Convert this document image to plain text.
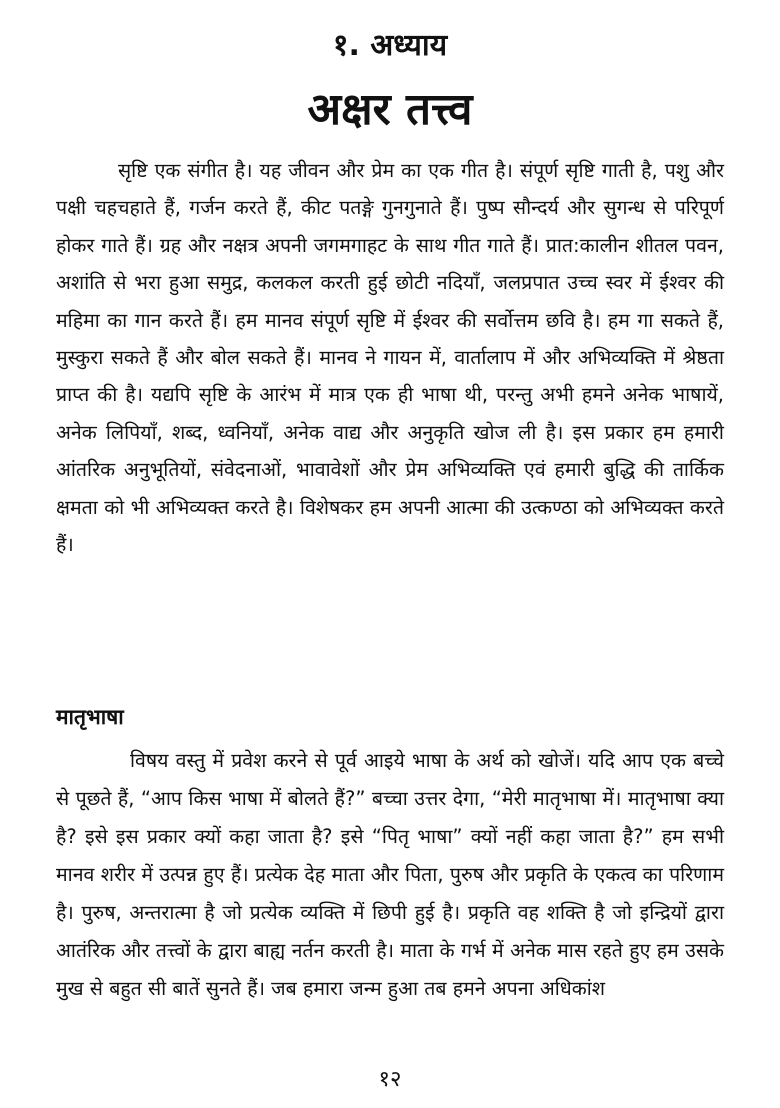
१. अध्याय
अक्षर तत्त्व

सृष्टि एक संगीत है। यह जीवन और प्रेम का एक गीत है। संपूर्ण सृष्टि गाती है, पशु और पक्षी चहचहाते हैं, गर्जन करते हैं, कीट पतङ्गे गुनगुनाते हैं। पुष्प सौन्दर्य और सुगन्ध से परिपूर्ण होकर गाते हैं। ग्रह और नक्षत्र अपनी जगमगाहट के साथ गीत गाते हैं। प्रात:कालीन शीतल पवन, अशांति से भरा हुआ समुद्र, कलकल करती हुई छोटी नदियाँ, जलप्रपात उच्च स्वर में ईश्वर की महिमा का गान करते हैं। हम मानव संपूर्ण सृष्टि में ईश्वर की सर्वोत्तम छवि है। हम गा सकते हैं, मुस्कुरा सकते हैं और बोल सकते हैं। मानव ने गायन में, वार्तालाप में और अभिव्यक्ति में श्रेष्ठता प्राप्त की है। यद्यपि सृष्टि के आरंभ में मात्र एक ही भाषा थी, परन्तु अभी हमने अनेक भाषायें, अनेक लिपियाँ, शब्द, ध्वनियाँ, अनेक वाद्य और अनुकृति खोज ली है। इस प्रकार हम हमारी आंतरिक अनुभूतियों, संवेदनाओं, भावावेशों और प्रेम अभिव्यक्ति एवं हमारी बुद्धि की तार्किक क्षमता को भी अभिव्यक्त करते है। विशेषकर हम अपनी आत्मा की उत्कण्ठा को अभिव्यक्त करते हैं।

मातृभाषा

विषय वस्तु में प्रवेश करने से पूर्व आइये भाषा के अर्थ को खोजें। यदि आप एक बच्चे से पूछते हैं, “आप किस भाषा में बोलते हैं?” बच्चा उत्तर देगा, “मेरी मातृभाषा में। मातृभाषा क्या है? इसे इस प्रकार क्यों कहा जाता है? इसे “पितृ भाषा” क्यों नहीं कहा जाता है?” हम सभी मानव शरीर में उत्पन्न हुए हैं। प्रत्येक देह माता और पिता, पुरुष और प्रकृति के एकत्व का परिणाम है। पुरुष, अन्तरात्मा है जो प्रत्येक व्यक्ति में छिपी हुई है। प्रकृति वह शक्ति है जो इन्द्रियों द्वारा आतंरिक और तत्त्वों के द्वारा बाह्य नर्तन करती है। माता के गर्भ में अनेक मास रहते हुए हम उसके मुख से बहुत सी बातें सुनते हैं। जब हमारा जन्म हुआ तब हमने अपना अधिकांश

१२
